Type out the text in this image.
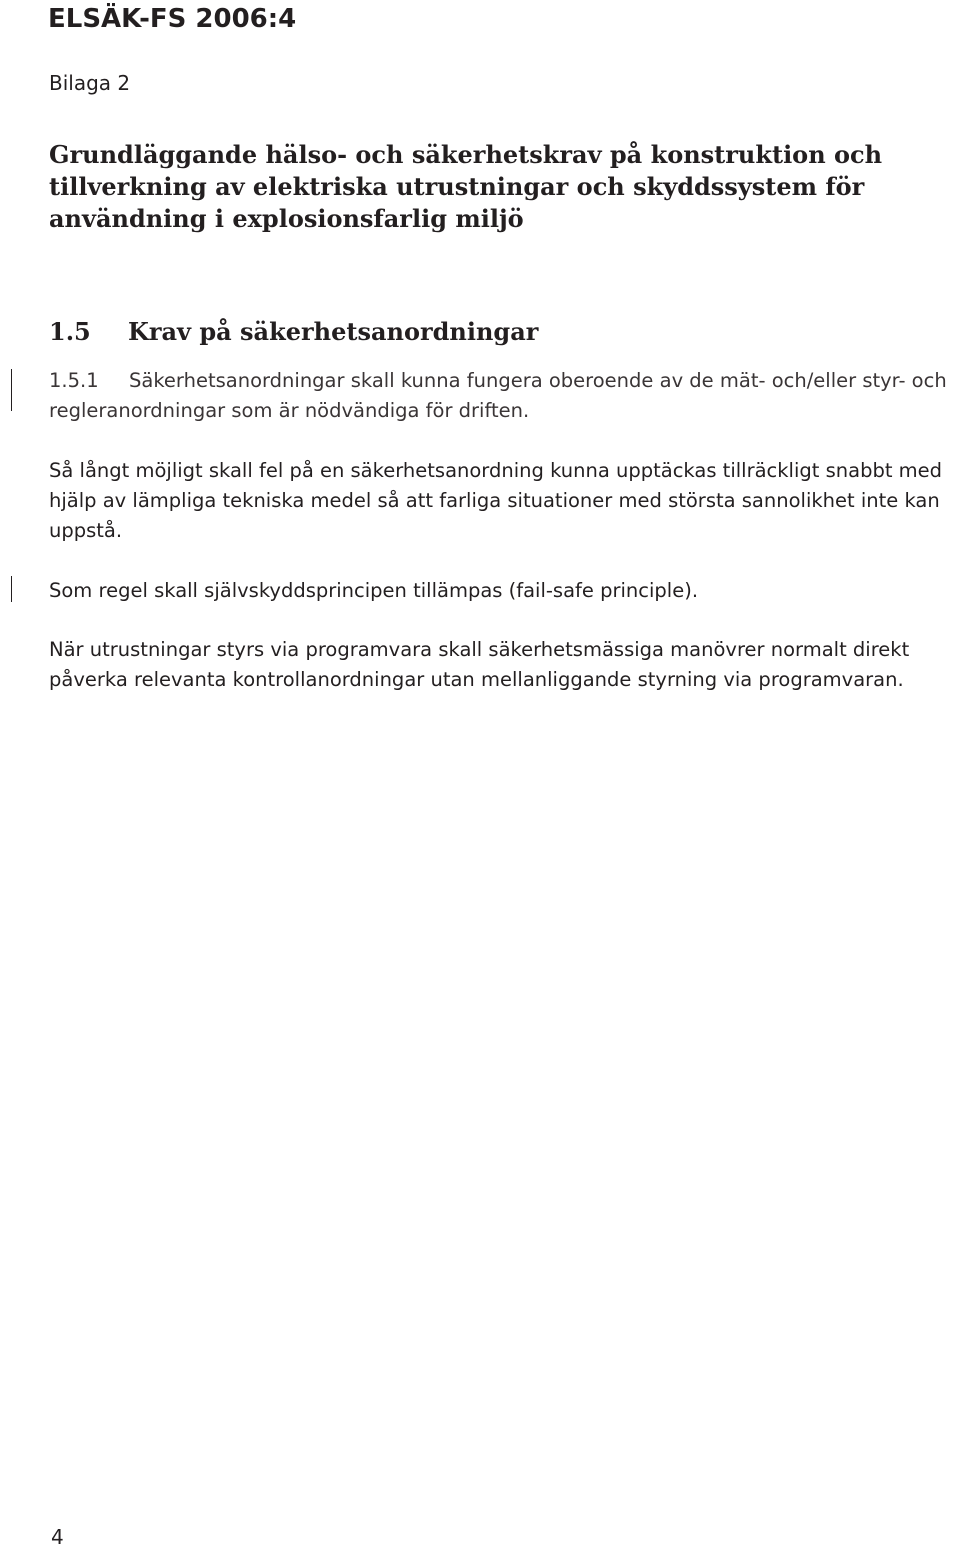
ELSÄK-FS 2006:4
Bilaga 2
Grundläggande hälso- och säkerhetskrav på konstruktion och tillverkning av elektriska utrustningar och skyddssystem för användning i explosionsfarlig miljö
1.5 Krav på säkerhetsanordningar

1.5.1 Säkerhetsanordningar skall kunna fungera oberoende av de mät- och/eller styr- och regleranordningar som är nödvändiga för driften.

Så långt möjligt skall fel på en säkerhetsanordning kunna upptäckas tillräckligt snabbt med hjälp av lämpliga tekniska medel så att farliga situationer med största sannolikhet inte kan uppstå.

Som regel skall självskyddsprincipen tillämpas (fail-safe principle).

När utrustningar styrs via programvara skall säkerhetsmässiga manövrer normalt direkt påverka relevanta kontrollanordningar utan mellanliggande styrning via programvaran.

4
